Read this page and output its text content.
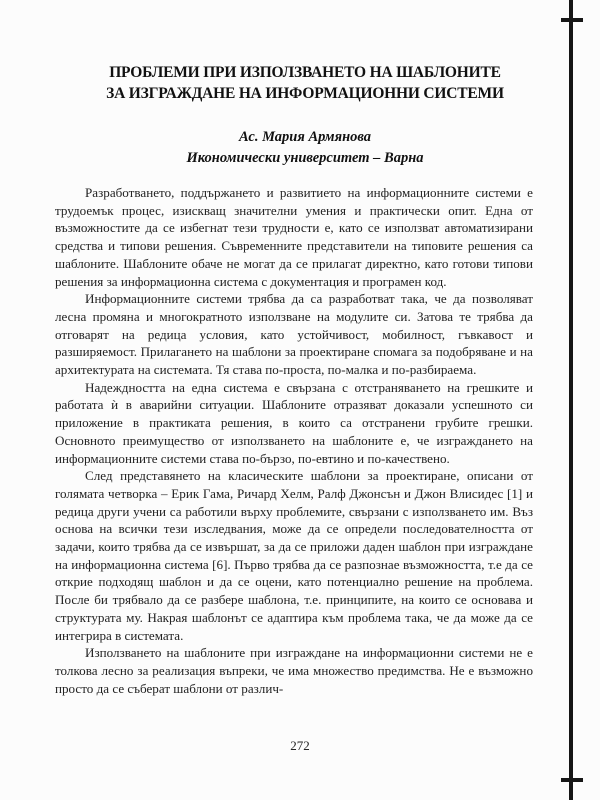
ПРОБЛЕМИ ПРИ ИЗПОЛЗВАНЕТО НА ШАБЛОНИТЕ
ЗА ИЗГРАЖДАНЕ НА ИНФОРМАЦИОННИ СИСТЕМИ
Ас. Мария Армянова
Икономически университет – Варна

Разработването, поддържането и развитието на информационните системи е трудоемък процес, изискващ значителни умения и практически опит. Една от възможностите да се избегнат тези трудности е, като се използват автоматизирани средства и типови решения. Съвременните представители на типовите решения са шаблоните. Шаблоните обаче не могат да се прилагат директно, като готови типови решения за информационна система с документация и програмен код.

Информационните системи трябва да са разработват така, че да позволяват лесна промяна и многократното използване на модулите си. Затова те трябва да отговарят на редица условия, като устойчивост, мобилност, гъвкавост и разширяемост. Прилагането на шаблони за проектиране спомага за подобряване и на архитектурата на системата. Тя става по-проста, по-малка и по-разбираема.

Надеждността на една система е свързана с отстраняването на грешките и работата ѝ в аварийни ситуации. Шаблоните отразяват доказали успешното си приложение в практиката решения, в които са отстранени грубите грешки. Основното преимущество от използването на шаблоните е, че изграждането на информационните системи става по-бързо, по-евтино и по-качествено.

След представянето на класическите шаблони за проектиране, описани от голямата четворка – Ерик Гама, Ричард Хелм, Ралф Джонсън и Джон Влисидес [1] и редица други учени са работили върху проблемите, свързани с използването им. Въз основа на всички тези изследвания, може да се определи последователността от задачи, които трябва да се извършат, за да се приложи даден шаблон при изграждане на информационна система [6]. Първо трябва да се разпознае възможността, т.е да се открие подходящ шаблон и да се оцени, като потенциално решение на проблема. После би трябвало да се разбере шаблона, т.е. принципите, на които се основава и структурата му. Накрая шаблонът се адаптира към проблема така, че да може да се интегрира в системата.

Използването на шаблоните при изграждане на информационни системи не е толкова лесно за реализация въпреки, че има множество предимства. Не е възможно просто да се съберат шаблони от различ-

272
